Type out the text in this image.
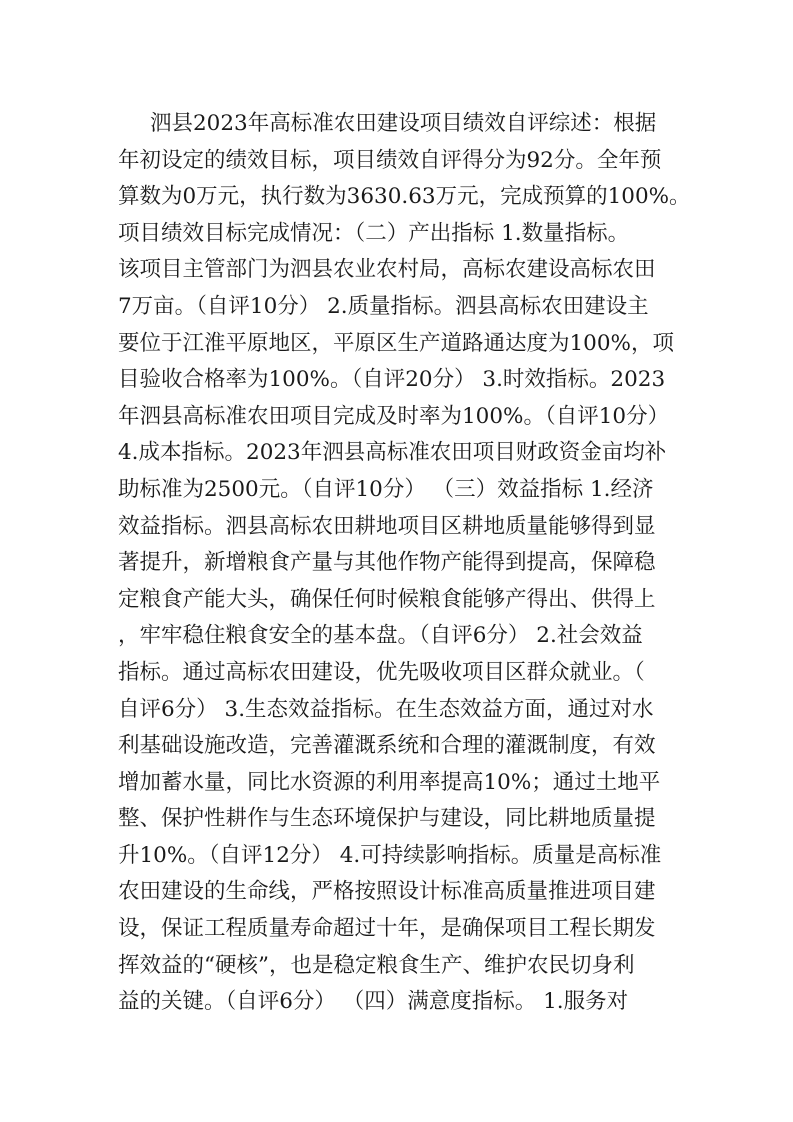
泗县2023年高标准农田建设项目绩效自评综述：根据
年初设定的绩效目标，项目绩效自评得分为92分。全年预
算数为0万元，执行数为3630.63万元，完成预算的100%。
项目绩效目标完成情况：（二）产出指标 1.数量指标。
该项目主管部门为泗县农业农村局，高标农建设高标农田
7万亩。（自评10分） 2.质量指标。泗县高标农田建设主
要位于江淮平原地区，平原区生产道路通达度为100%，项
目验收合格率为100%。（自评20分） 3.时效指标。2023
年泗县高标准农田项目完成及时率为100%。（自评10分）
4.成本指标。2023年泗县高标准农田项目财政资金亩均补
助标准为2500元。（自评10分） （三）效益指标 1.经济
效益指标。泗县高标农田耕地项目区耕地质量能够得到显
著提升，新增粮食产量与其他作物产能得到提高，保障稳
定粮食产能大头，确保任何时候粮食能够产得出、供得上
，牢牢稳住粮食安全的基本盘。（自评6分） 2.社会效益
指标。通过高标农田建设，优先吸收项目区群众就业。（
自评6分） 3.生态效益指标。在生态效益方面，通过对水
利基础设施改造，完善灌溉系统和合理的灌溉制度，有效
增加蓄水量，同比水资源的利用率提高10%；通过土地平
整、保护性耕作与生态环境保护与建设，同比耕地质量提
升10%。（自评12分） 4.可持续影响指标。质量是高标准
农田建设的生命线，严格按照设计标准高质量推进项目建
设，保证工程质量寿命超过十年，是确保项目工程长期发
挥效益的“硬核”，也是稳定粮食生产、维护农民切身利
益的关键。（自评6分） （四）满意度指标。 1.服务对
